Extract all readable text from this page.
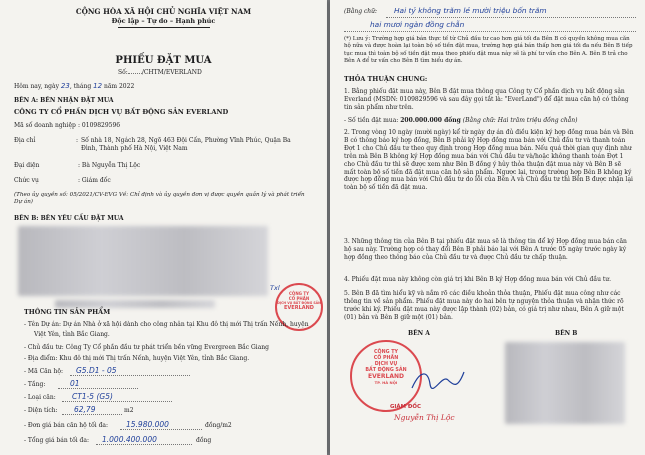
CỘNG HÒA XÃ HỘI CHỦ NGHĨA VIỆT NAM
Độc lập – Tự do – Hạnh phúc
PHIẾU ĐẶT MUA
Số: /CHTM/EVERLAND
Hôm nay, ngày 23, tháng 12 năm 2022
BÊN A: BÊN NHẬN ĐẶT MUA
CÔNG TY CỔ PHẦN DỊCH VỤ BẤT ĐỘNG SẢN EVERLAND
Mã số doanh nghiệp : 0109829596
Địa chỉ	: Số nhà 18, Ngách 28, Ngõ 463 Đội Cấn, Phường Vĩnh Phúc, Quận Ba Đình, Thành phố Hà Nội, Việt Nam
Đại diện	: Bà Nguyễn Thị Lộc
Chức vụ	: Giám đốc
(Theo ủy quyền số: 05/2021/CV-EVG Về: Chỉ định và ủy quyền đơn vị được quyền quản lý và phát triển Dự án)
BÊN B: BÊN YÊU CẦU ĐẶT MUA
Txl
CÔNG TY
CỔ PHẦN
DỊCH VỤ BẤT ĐỘNG SẢN
EVERLAND
THÔNG TIN SẢN PHẨM
- Tên Dự án: Dự án Nhà ở xã hội dành cho công nhân tại Khu đô thị mới Thị trấn Nếnh, huyện
Việt Yên, tỉnh Bắc Giang.
- Chủ đầu tư: Công Ty Cổ phần đầu tư phát triển bền vững Evergreen Bắc Giang
- Địa điểm: Khu đô thị mới Thị trấn Nếnh, huyện Việt Yên, tỉnh Bắc Giang.
- Mã Căn hộ: G5.D1 - 05
- Tầng:	01
- Loại căn: CT1-5 (G5)
- Diện tích: 62,79	m2
- Đơn giá bán căn hộ tối đa: 15.980.000	đồng/m2
- Tổng giá bán tối đa: 1.000.400.000	đồng
(Bằng chữ: Hai tỷ không trăm lẻ mười triệu bốn trăm
hai mươi ngàn đồng chẵn
(*) Lưu ý: Trường hợp giá bán thực tế từ Chủ đầu tư cao hơn giá tối đa Bên B có quyền không mua căn hộ nữa và được hoàn lại toàn bộ số tiền đặt mua, trường hợp giá bán thấp hơn giá tối đa nếu Bên B tiếp tục mua thì toàn bộ số tiền đặt mua theo phiếu đặt mua này sẽ là phí tư vấn cho Bên A. Bên B trả cho Bên A để tư vấn cho Bên B tìm hiểu dự án.
THỎA THUẬN CHUNG:
1. Bằng phiếu đặt mua này, Bên B đặt mua thông qua Công ty Cổ phần dịch vụ bất động sản Everland (MSDN: 0109829596 và sau đây gọi tắt là: "EverLand") để đặt mua căn hộ có thông tin sản phẩm như trên.
- Số tiền đặt mua: 200.000.000 đồng (Bằng chữ: Hai trăm triệu đồng chẵn)
2. Trong vòng 10 ngày (mười ngày) kể từ ngày dự án đủ điều kiện ký hợp đồng mua bán và Bên B có thông báo ký hợp đồng, Bên B phải ký Hợp đồng mua bán với Chủ đầu tư và thanh toán Đợt 1 cho Chủ đầu tư theo quy định trong Hợp đồng mua bán. Nếu quá thời gian quy định như trên mà Bên B không ký Hợp đồng mua bán với Chủ đầu tư và/hoặc không thanh toán Đợt 1 cho Chủ đầu tư thì sẽ được xem như Bên B đồng ý hủy thỏa thuận đặt mua này và Bên B sẽ mất toàn bộ số tiền đã đặt mua căn hộ sản phẩm. Ngược lại, trong trường hợp Bên B không ký được hợp đồng mua bán với Chủ đầu tư do lỗi của Bên A và Chủ đầu tư thì Bên B được nhận lại toàn bộ số tiền đã đặt mua.
3. Những thông tin của Bên B tại phiếu đặt mua sẽ là thông tin để ký Hợp đồng mua bán căn hộ sau này. Trường hợp có thay đổi Bên B phải báo lại với Bên A trước 05 ngày trước ngày ký hợp đồng theo thông báo của Chủ đầu tư và được Chủ đầu tư chấp thuận.
4. Phiếu đặt mua này không còn giá trị khi Bên B ký Hợp đồng mua bán với Chủ đầu tư.
5. Bên B đã tìm hiểu kỹ và nắm rõ các điều khoản thỏa thuận, Phiếu đặt mua công như các thông tin về sản phẩm. Phiếu đặt mua này do hai bên tự nguyện thỏa thuận và nhận thức rõ trước khi ký. Phiếu đặt mua này được lập thành (02) bản, có giá trị như nhau, Bên A giữ một (01) bản và Bên B giữ một (01) bản.
BÊN A	BÊN B
CÔNG TY
CỔ PHẦN
DỊCH VỤ
BẤT ĐỘNG SẢN
EVERLAND
TP. HÀ NỘI
GIÁM ĐỐC
Nguyễn Thị Lộc
